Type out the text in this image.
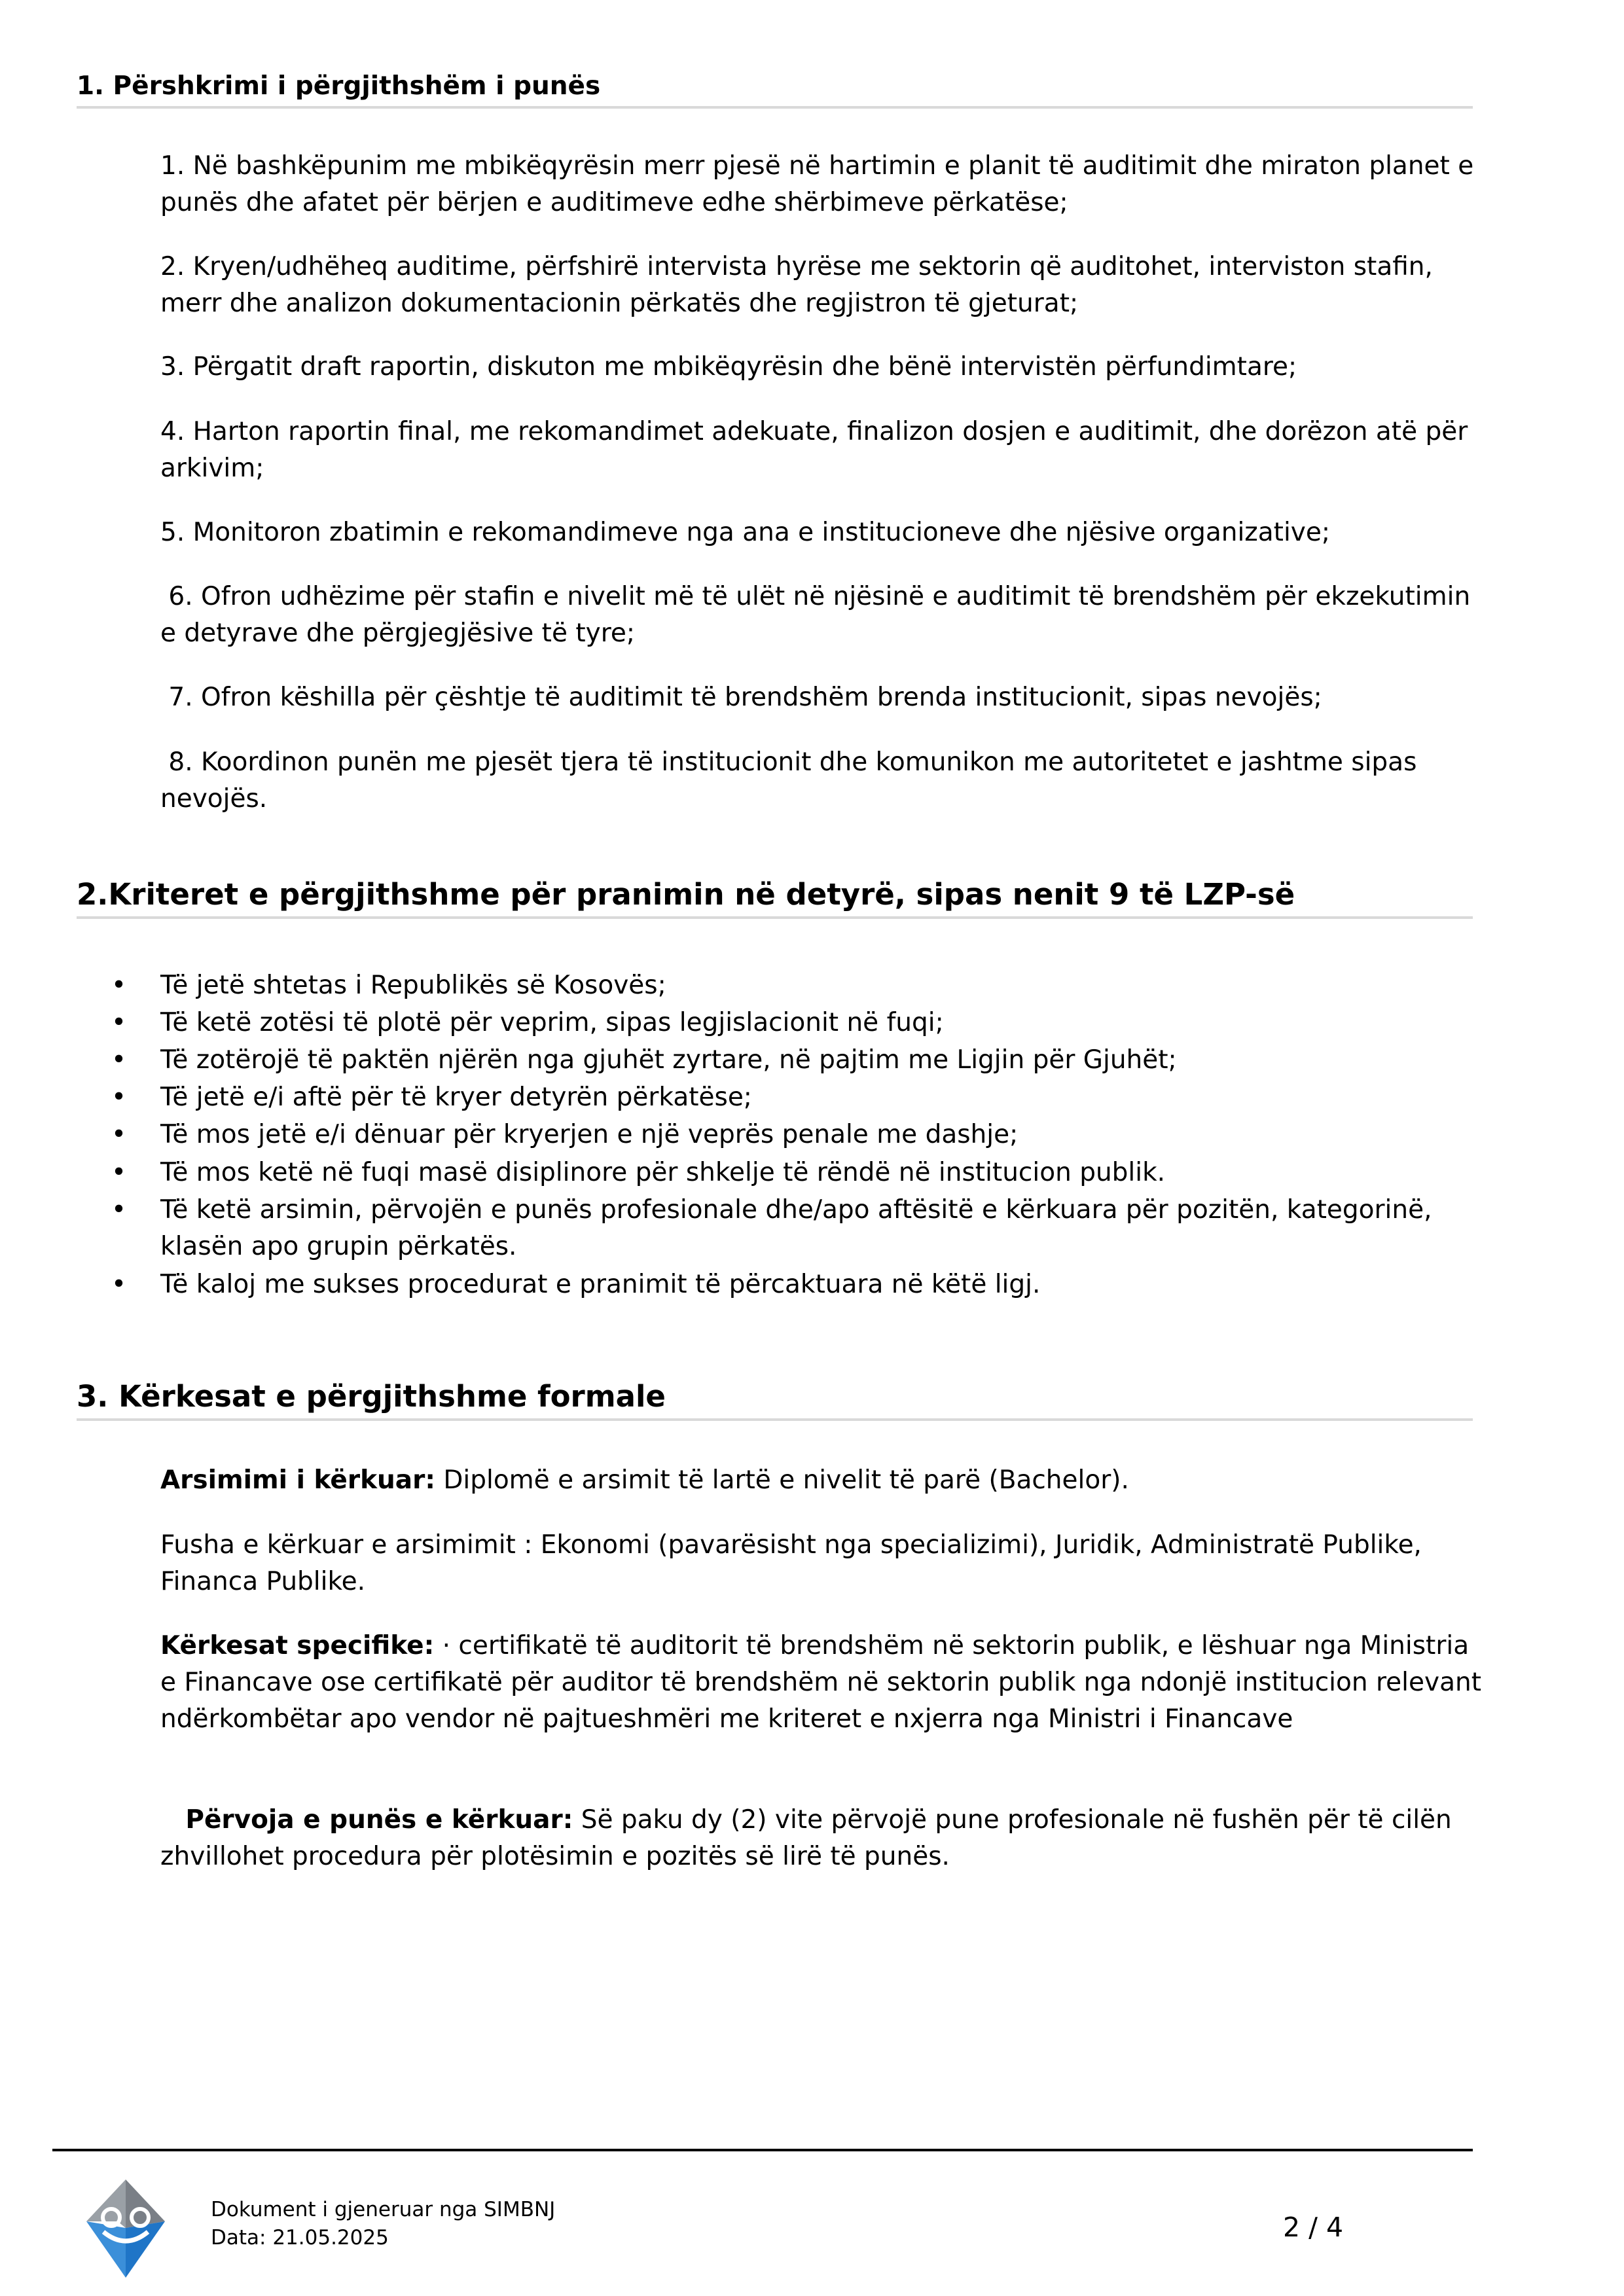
1. Përshkrimi i përgjithshëm i punës
1. Në bashkëpunim me mbikëqyrësin merr pjesë në hartimin e planit të auditimit dhe miraton planet e punës dhe afatet për bërjen e auditimeve edhe shërbimeve përkatëse;
2. Kryen/udhëheq auditime, përfshirë intervista hyrëse me sektorin që auditohet, interviston stafin, merr dhe analizon dokumentacionin përkatës dhe regjistron të gjeturat;
3. Përgatit draft raportin, diskuton me mbikëqyrësin dhe bënë intervistën përfundimtare;
4. Harton raportin final, me rekomandimet adekuate, finalizon dosjen e auditimit, dhe dorëzon atë për arkivim;
5. Monitoron zbatimin e rekomandimeve nga ana e institucioneve dhe njësive organizative;
6. Ofron udhëzime për stafin e nivelit më të ulët në njësinë e auditimit të brendshëm për ekzekutimin e detyrave dhe përgjegjësive të tyre;
7. Ofron këshilla për çështje të auditimit të brendshëm brenda institucionit, sipas nevojës;
8. Koordinon punën me pjesët tjera të institucionit dhe komunikon me autoritetet e jashtme sipas nevojës.
2.Kriteret e përgjithshme për pranimin në detyrë, sipas nenit 9 të LZP-së
• Të jetë shtetas i Republikës së Kosovës;
• Të ketë zotësi të plotë për veprim, sipas legjislacionit në fuqi;
• Të zotërojë të paktën njërën nga gjuhët zyrtare, në pajtim me Ligjin për Gjuhët;
• Të jetë e/i aftë për të kryer detyrën përkatëse;
• Të mos jetë e/i dënuar për kryerjen e një veprës penale me dashje;
• Të mos ketë në fuqi masë disiplinore për shkelje të rëndë në institucion publik.
• Të ketë arsimin, përvojën e punës profesionale dhe/apo aftësitë e kërkuara për pozitën, kategorinë, klasën apo grupin përkatës.
• Të kaloj me sukses procedurat e pranimit të përcaktuara në këtë ligj.
3. Kërkesat e përgjithshme formale
Arsimimi i kërkuar: Diplomë e arsimit të lartë e nivelit të parë (Bachelor).
Fusha e kërkuar e arsimimit : Ekonomi (pavarësisht nga specializimi), Juridik, Administratë Publike, Financa Publike.
Kërkesat specifike: · certifikatë të auditorit të brendshëm në sektorin publik, e lëshuar nga Ministria e Financave ose certifikatë për auditor të brendshëm në sektorin publik nga ndonjë institucion relevant ndërkombëtar apo vendor në pajtueshmëri me kriteret e nxjerra nga Ministri i Financave

Përvoja e punës e kërkuar: Së paku dy (2) vite përvojë pune profesionale në fushën për të cilën zhvillohet procedura për plotësimin e pozitës së lirë të punës.

Dokument i gjeneruar nga SIMBNJ
Data: 21.05.2025	2 / 4
